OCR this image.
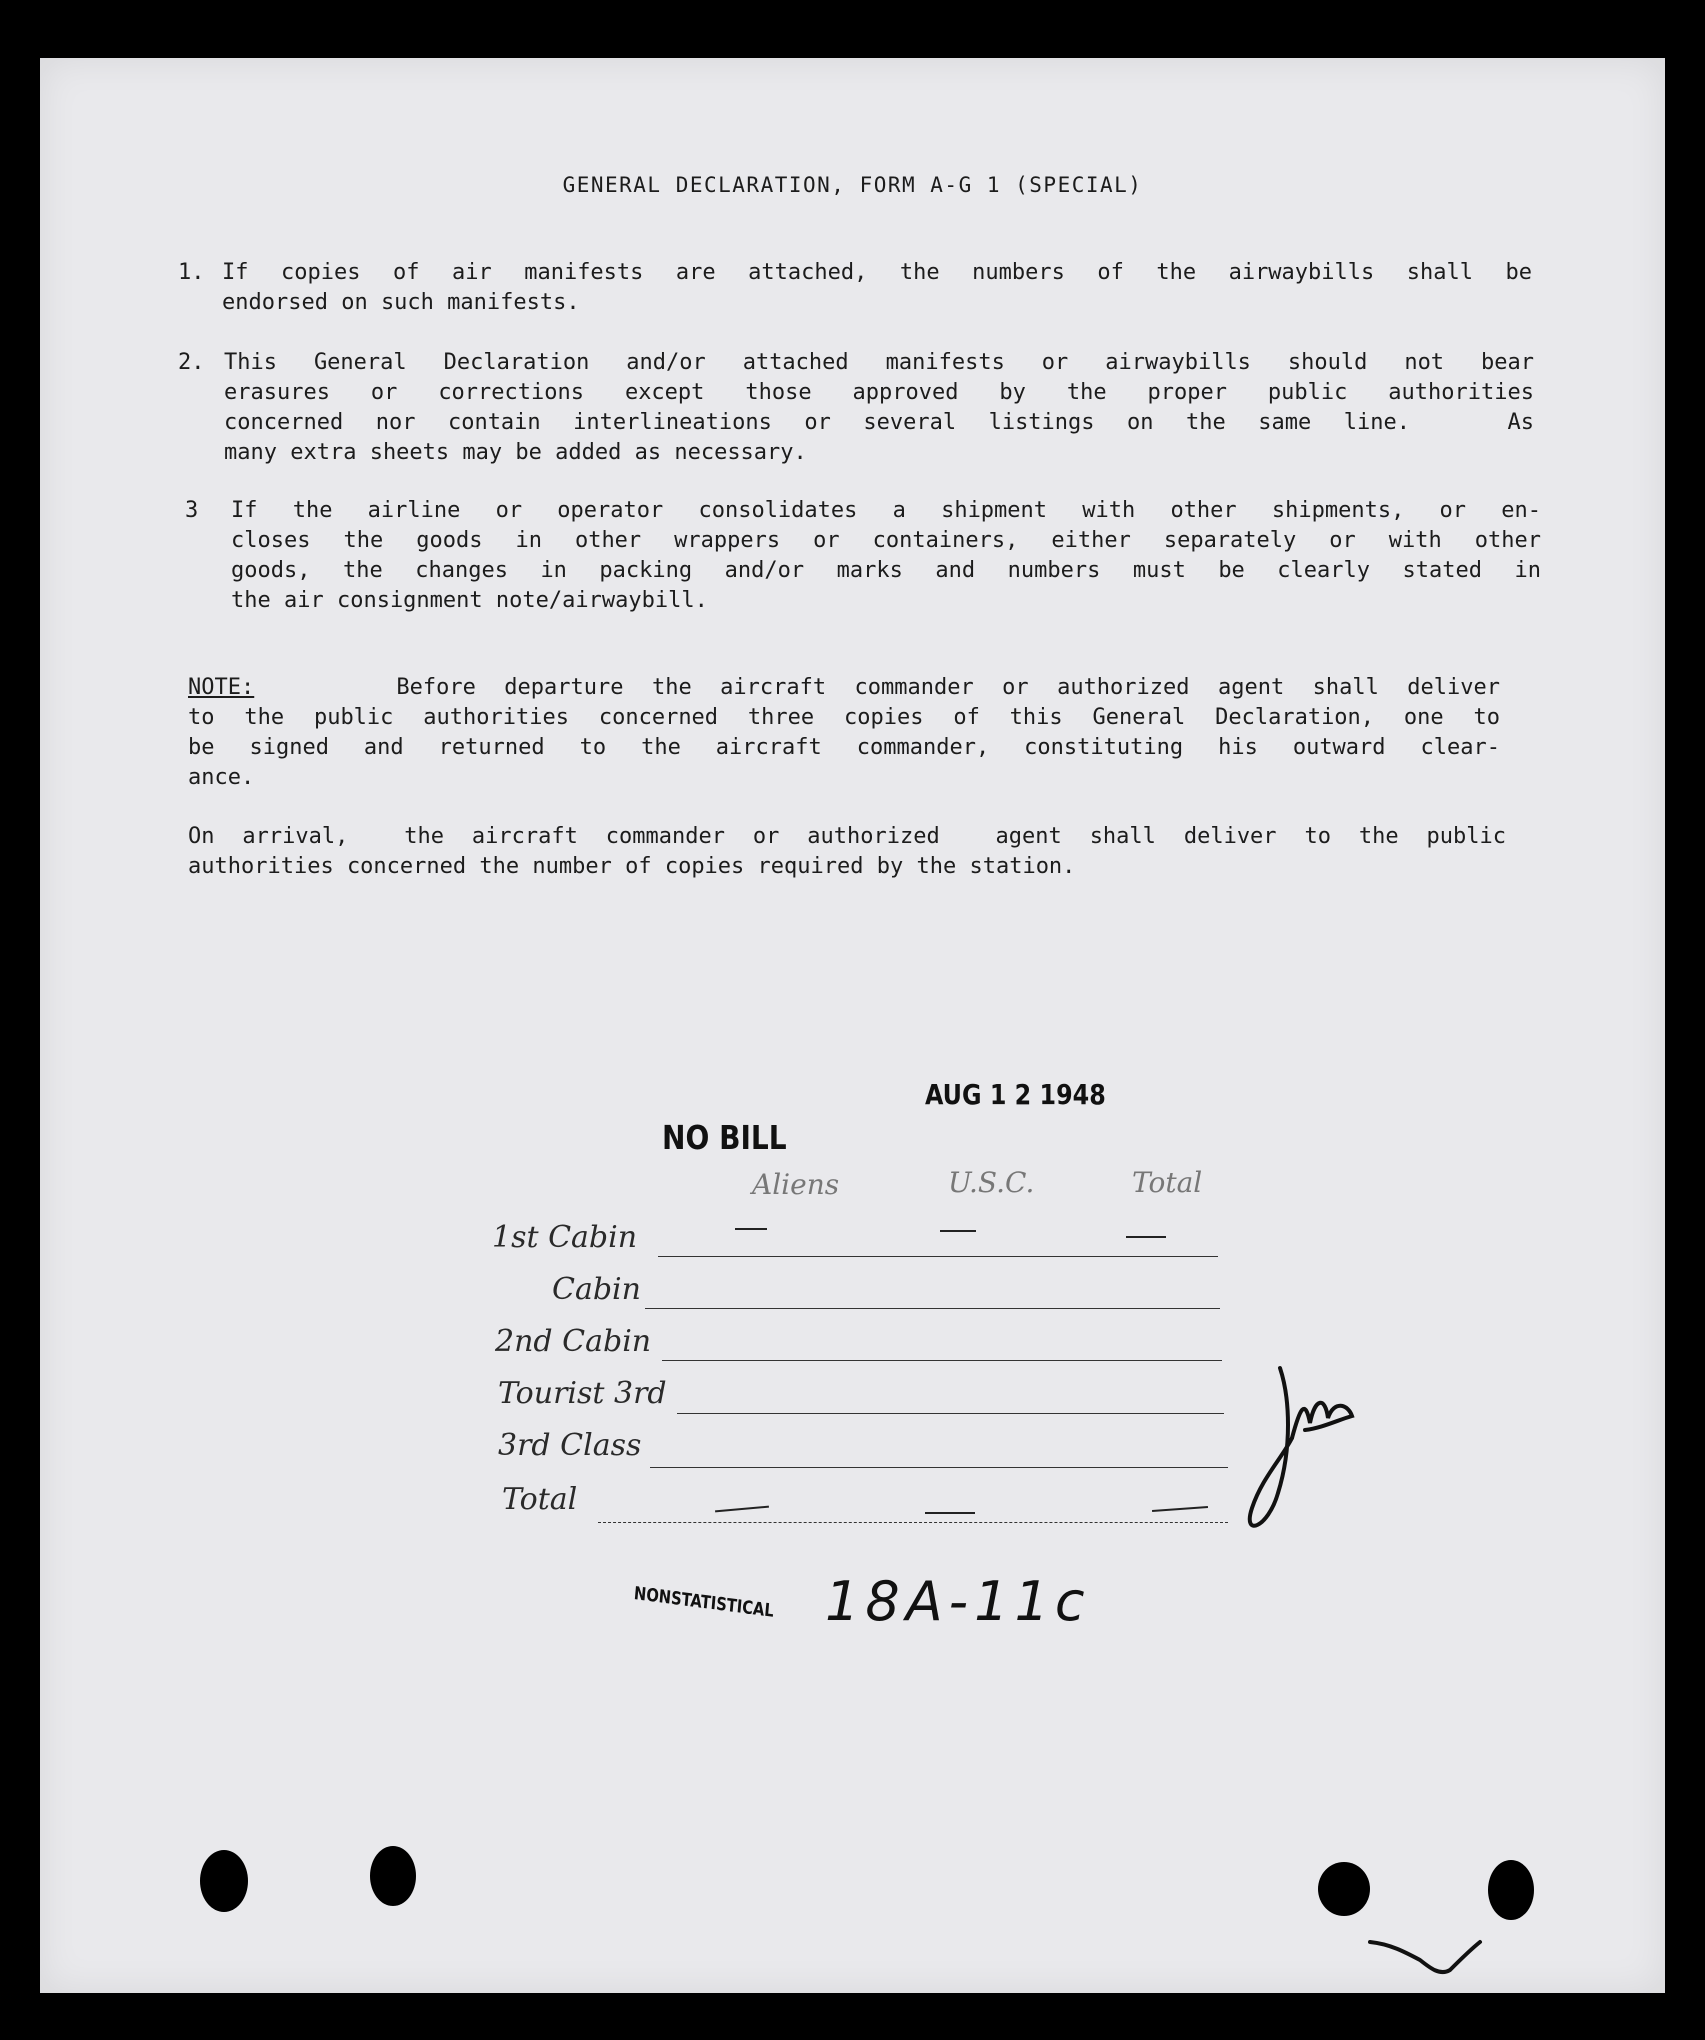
GENERAL DECLARATION, FORM A-G 1 (SPECIAL)
1. If copies of air manifests are attached, the numbers of the airwaybills shall be

endorsed on such manifests.

2. This General Declaration and/or attached manifests or airwaybills should not bear

erasures or corrections except those approved by the proper public authorities

concerned nor contain interlineations or several listings on the same line.   As

many extra sheets may be added as necessary.

3 If the airline or operator consolidates a shipment with other shipments, or en-

closes the goods in other wrappers or containers, either separately or with other

goods, the changes in packing and/or marks and numbers must be clearly stated in

the air consignment note/airwaybill.

NOTE:     Before departure the aircraft commander or authorized agent shall deliver

to the public authorities concerned three copies of this General Declaration, one to

be signed and returned to the aircraft commander, constituting his outward clear-

ance.

On arrival,  the aircraft commander or authorized  agent shall deliver to the public

authorities concerned the number of copies required by the station.

AUG 1 2 1948
NO BILL
Aliens	U.S.C.	Total
1st Cabin
Cabin
2nd Cabin
Tourist 3rd
3rd Class
Total
NONSTATISTICAL 18A-11c
